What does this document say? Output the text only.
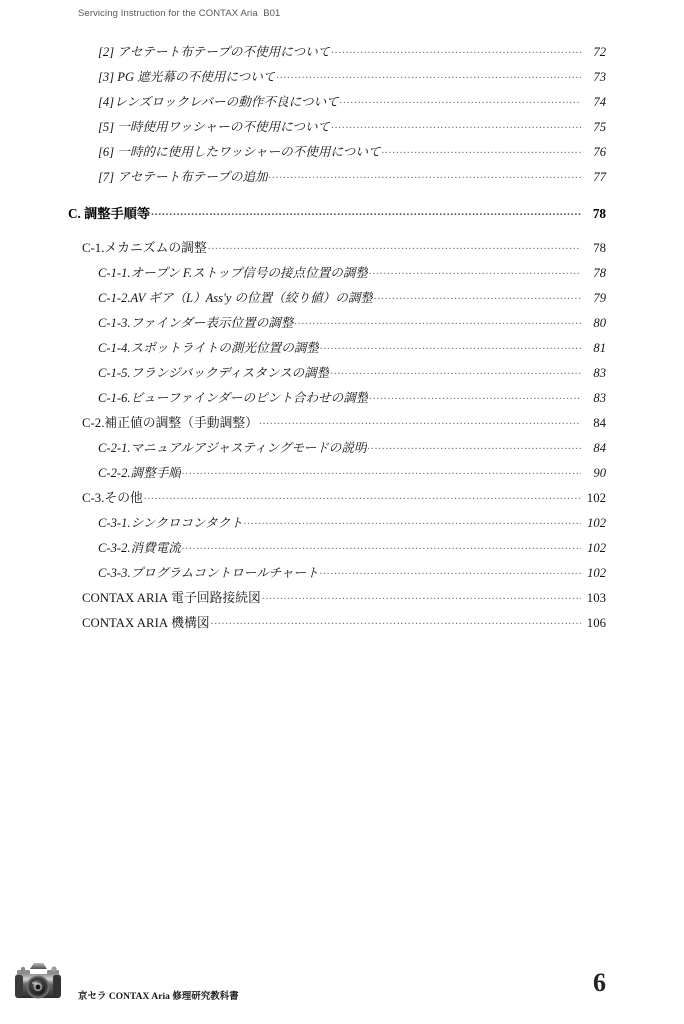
Servicing Instruction for the CONTAX Aria  B01
[2] アセテート布テープの不使用について .....	72
[3] PG 遮光幕の不使用について .....	73
[4]レンズロックレバーの動作不良について .....	74
[5] 一時使用ワッシャーの不使用について .....	75
[6] 一時的に使用したワッシャーの不使用について .....	76
[7] アセテート布テープの追加 .....	77
C. 調整手順等 .....	78
C-1.メカニズムの調整 .....	78
C-1-1.オープン F.ストップ信号の接点位置の調整 .....	78
C-1-2.AV ギア（L）Ass'y の位置（絞り値）の調整 .....	79
C-1-3.ファインダー表示位置の調整 .....	80
C-1-4.スポットライトの測光位置の調整 .....	81
C-1-5.フランジバックディスタンスの調整 .....	83
C-1-6.ビューファインダーのピント合わせの調整 .....	83
C-2.補正値の調整（手動調整） .....	84
C-2-1.マニュアルアジャスティングモードの説明 .....	84
C-2-2.調整手順 .....	90
C-3.その他 .....	102
C-3-1.シンクロコンタクト .....	102
C-3-2.消費電流 .....	102
C-3-3.プログラムコントロールチャート .....	102
CONTAX ARIA 電子回路接続図 .....	103
CONTAX ARIA 機構図 .....	106
京セラ CONTAX Aria 修理研究教科書	6
